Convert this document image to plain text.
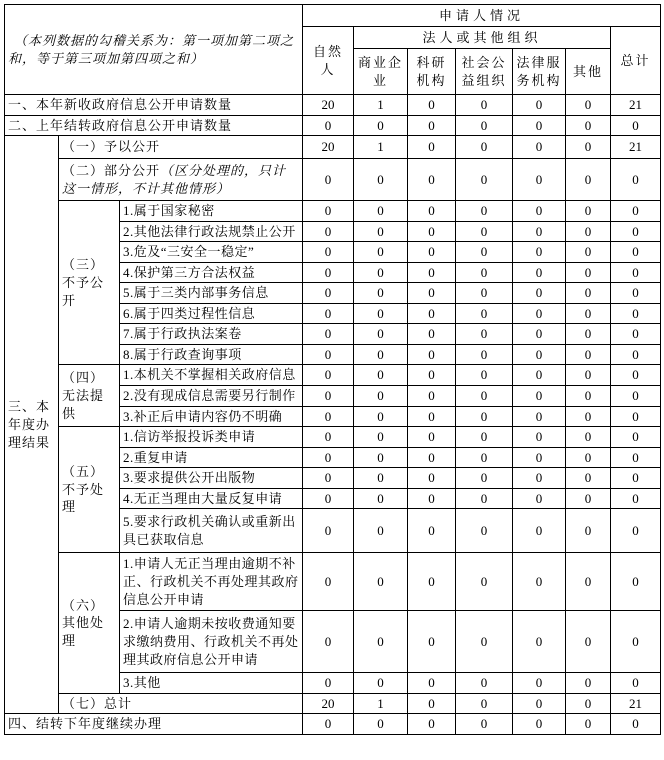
（本列数据的勾稽关系为：第一项加第二项之和，等于第三项加第四项之和）			申请人情况						
			自然人	法人或其他组织					总计
				商业企业	科研机构	社会公益组织	法律服务机构	其他	
一、本年新收政府信息公开申请数量			20	1	0	0	0	0	21
二、上年结转政府信息公开申请数量			0	0	0	0	0	0	0
三、本年度办理结果	（一）予以公开		20	1	0	0	0	0	21
	（二）部分公开（区分处理的，只计这一情形，不计其他情形）		0	0	0	0	0	0	0
	（三）不予公开	1.属于国家秘密	0	0	0	0	0	0	0
		2.其他法律行政法规禁止公开	0	0	0	0	0	0	0
		3.危及“三安全一稳定”	0	0	0	0	0	0	0
		4.保护第三方合法权益	0	0	0	0	0	0	0
		5.属于三类内部事务信息	0	0	0	0	0	0	0
		6.属于四类过程性信息	0	0	0	0	0	0	0
		7.属于行政执法案卷	0	0	0	0	0	0	0
		8.属于行政查询事项	0	0	0	0	0	0	0
	（四）无法提供	1.本机关不掌握相关政府信息	0	0	0	0	0	0	0
		2.没有现成信息需要另行制作	0	0	0	0	0	0	0
		3.补正后申请内容仍不明确	0	0	0	0	0	0	0
	（五）不予处理	1.信访举报投诉类申请	0	0	0	0	0	0	0
		2.重复申请	0	0	0	0	0	0	0
		3.要求提供公开出版物	0	0	0	0	0	0	0
		4.无正当理由大量反复申请	0	0	0	0	0	0	0
		5.要求行政机关确认或重新出具已获取信息	0	0	0	0	0	0	0
	（六）其他处理	1.申请人无正当理由逾期不补正、行政机关不再处理其政府信息公开申请	0	0	0	0	0	0	0
		2.申请人逾期未按收费通知要求缴纳费用、行政机关不再处理其政府信息公开申请	0	0	0	0	0	0	0
		3.其他	0	0	0	0	0	0	0
	（七）总计		20	1	0	0	0	0	21
四、结转下年度继续办理			0	0	0	0	0	0	0
